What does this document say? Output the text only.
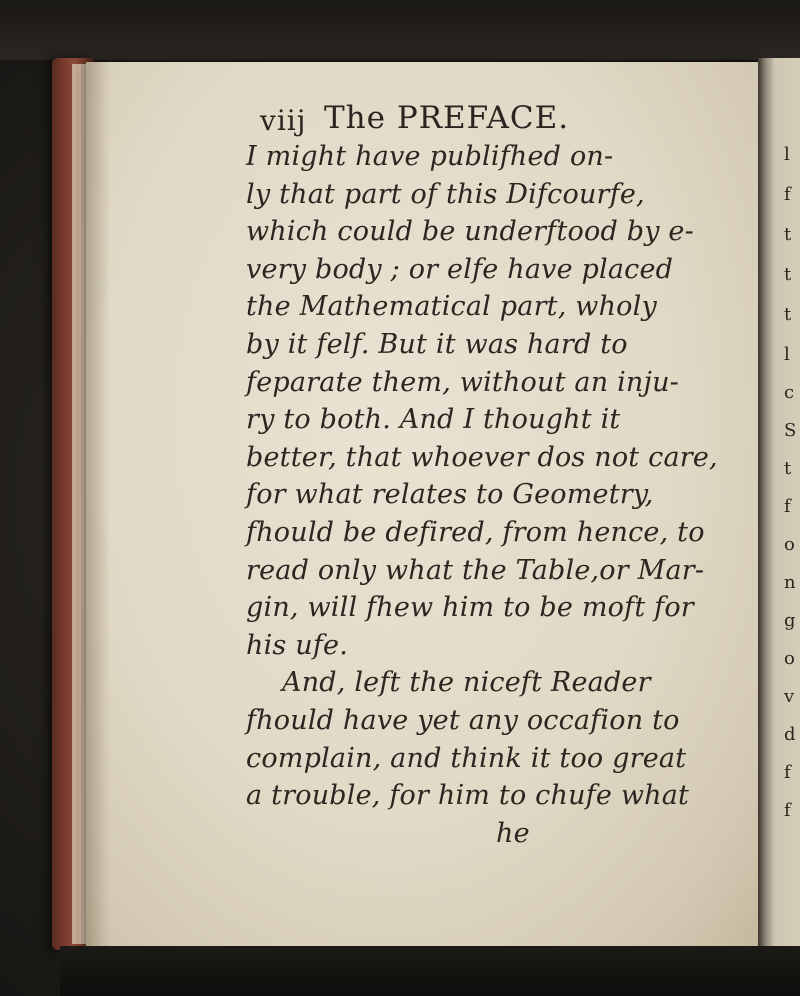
l
f
t
t
t
l
c
S
t
f
o
n
g
o
v
d
f
f
viij The PREFACE.
I might have publifhed on-
ly that part of this Difcourfe,
which could be underftood by e-
very body ; or elfe have placed
the Mathematical part, wholy
by it felf. But it was hard to
feparate them, without an inju-
ry to both. And I thought it
better, that whoever dos not care,
for what relates to Geometry,
fhould be defired, from hence, to
read only what the Table,or Mar-
gin, will fhew him to be moft for
his ufe.
And, left the niceft Reader
fhould have yet any occafion to
complain, and think it too great
a trouble, for him to chufe what
he
